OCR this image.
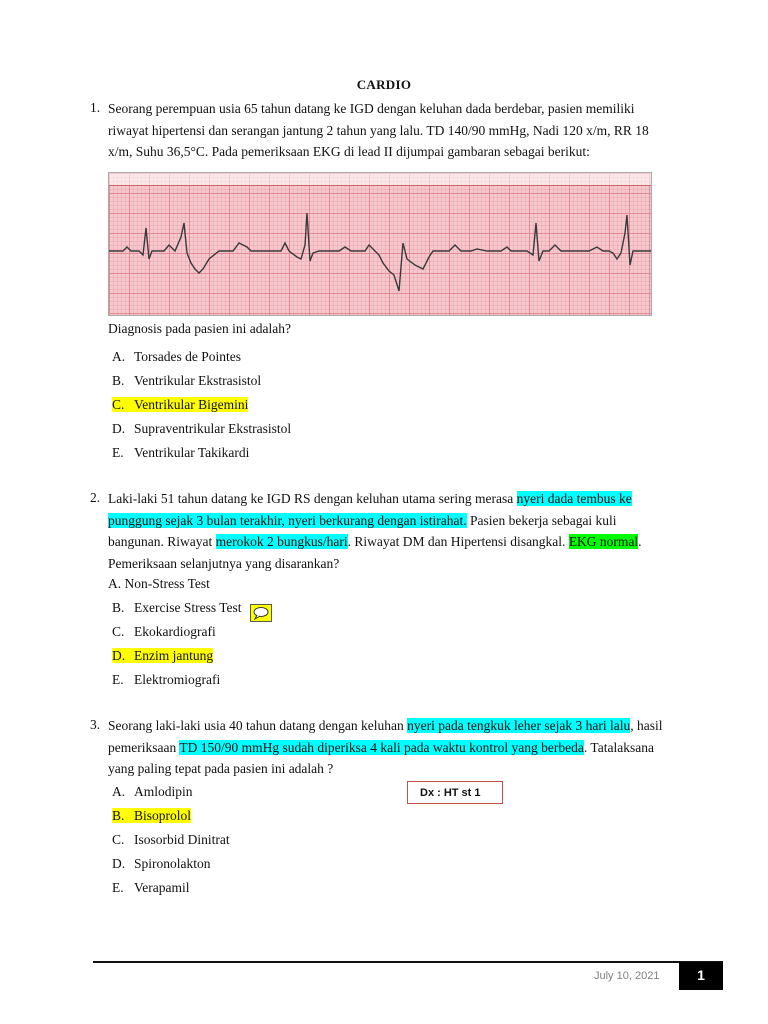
CARDIO
1. Seorang perempuan usia 65 tahun datang ke IGD dengan keluhan dada berdebar, pasien memiliki
riwayat hipertensi dan serangan jantung 2 tahun yang lalu. TD 140/90 mmHg, Nadi 120 x/m, RR 18
x/m, Suhu 36,5°C. Pada pemeriksaan EKG di lead II dijumpai gambaran sebagai berikut:
Diagnosis pada pasien ini adalah?
A. Torsades de Pointes
B. Ventrikular Ekstrasistol
C. Ventrikular Bigemini
D. Supraventrikular Ekstrasistol
E. Ventrikular Takikardi
2. Laki-laki 51 tahun datang ke IGD RS dengan keluhan utama sering merasa nyeri dada tembus ke
punggung sejak 3 bulan terakhir, nyeri berkurang dengan istirahat. Pasien bekerja sebagai kuli
bangunan. Riwayat merokok 2 bungkus/hari. Riwayat DM dan Hipertensi disangkal. EKG normal.
Pemeriksaan selanjutnya yang disarankan?
A. Non-Stress Test
B. Exercise Stress Test
C. Ekokardiografi
D. Enzim jantung
E. Elektromiografi
3. Seorang laki-laki usia 40 tahun datang dengan keluhan nyeri pada tengkuk leher sejak 3 hari lalu, hasil
pemeriksaan TD 150/90 mmHg sudah diperiksa 4 kali pada waktu kontrol yang berbeda. Tatalaksana
yang paling tepat pada pasien ini adalah ?
A. Amlodipin	Dx : HT st 1
B. Bisoprolol
C. Isosorbid Dinitrat
D. Spironolakton
E. Verapamil
July 10, 2021	1
